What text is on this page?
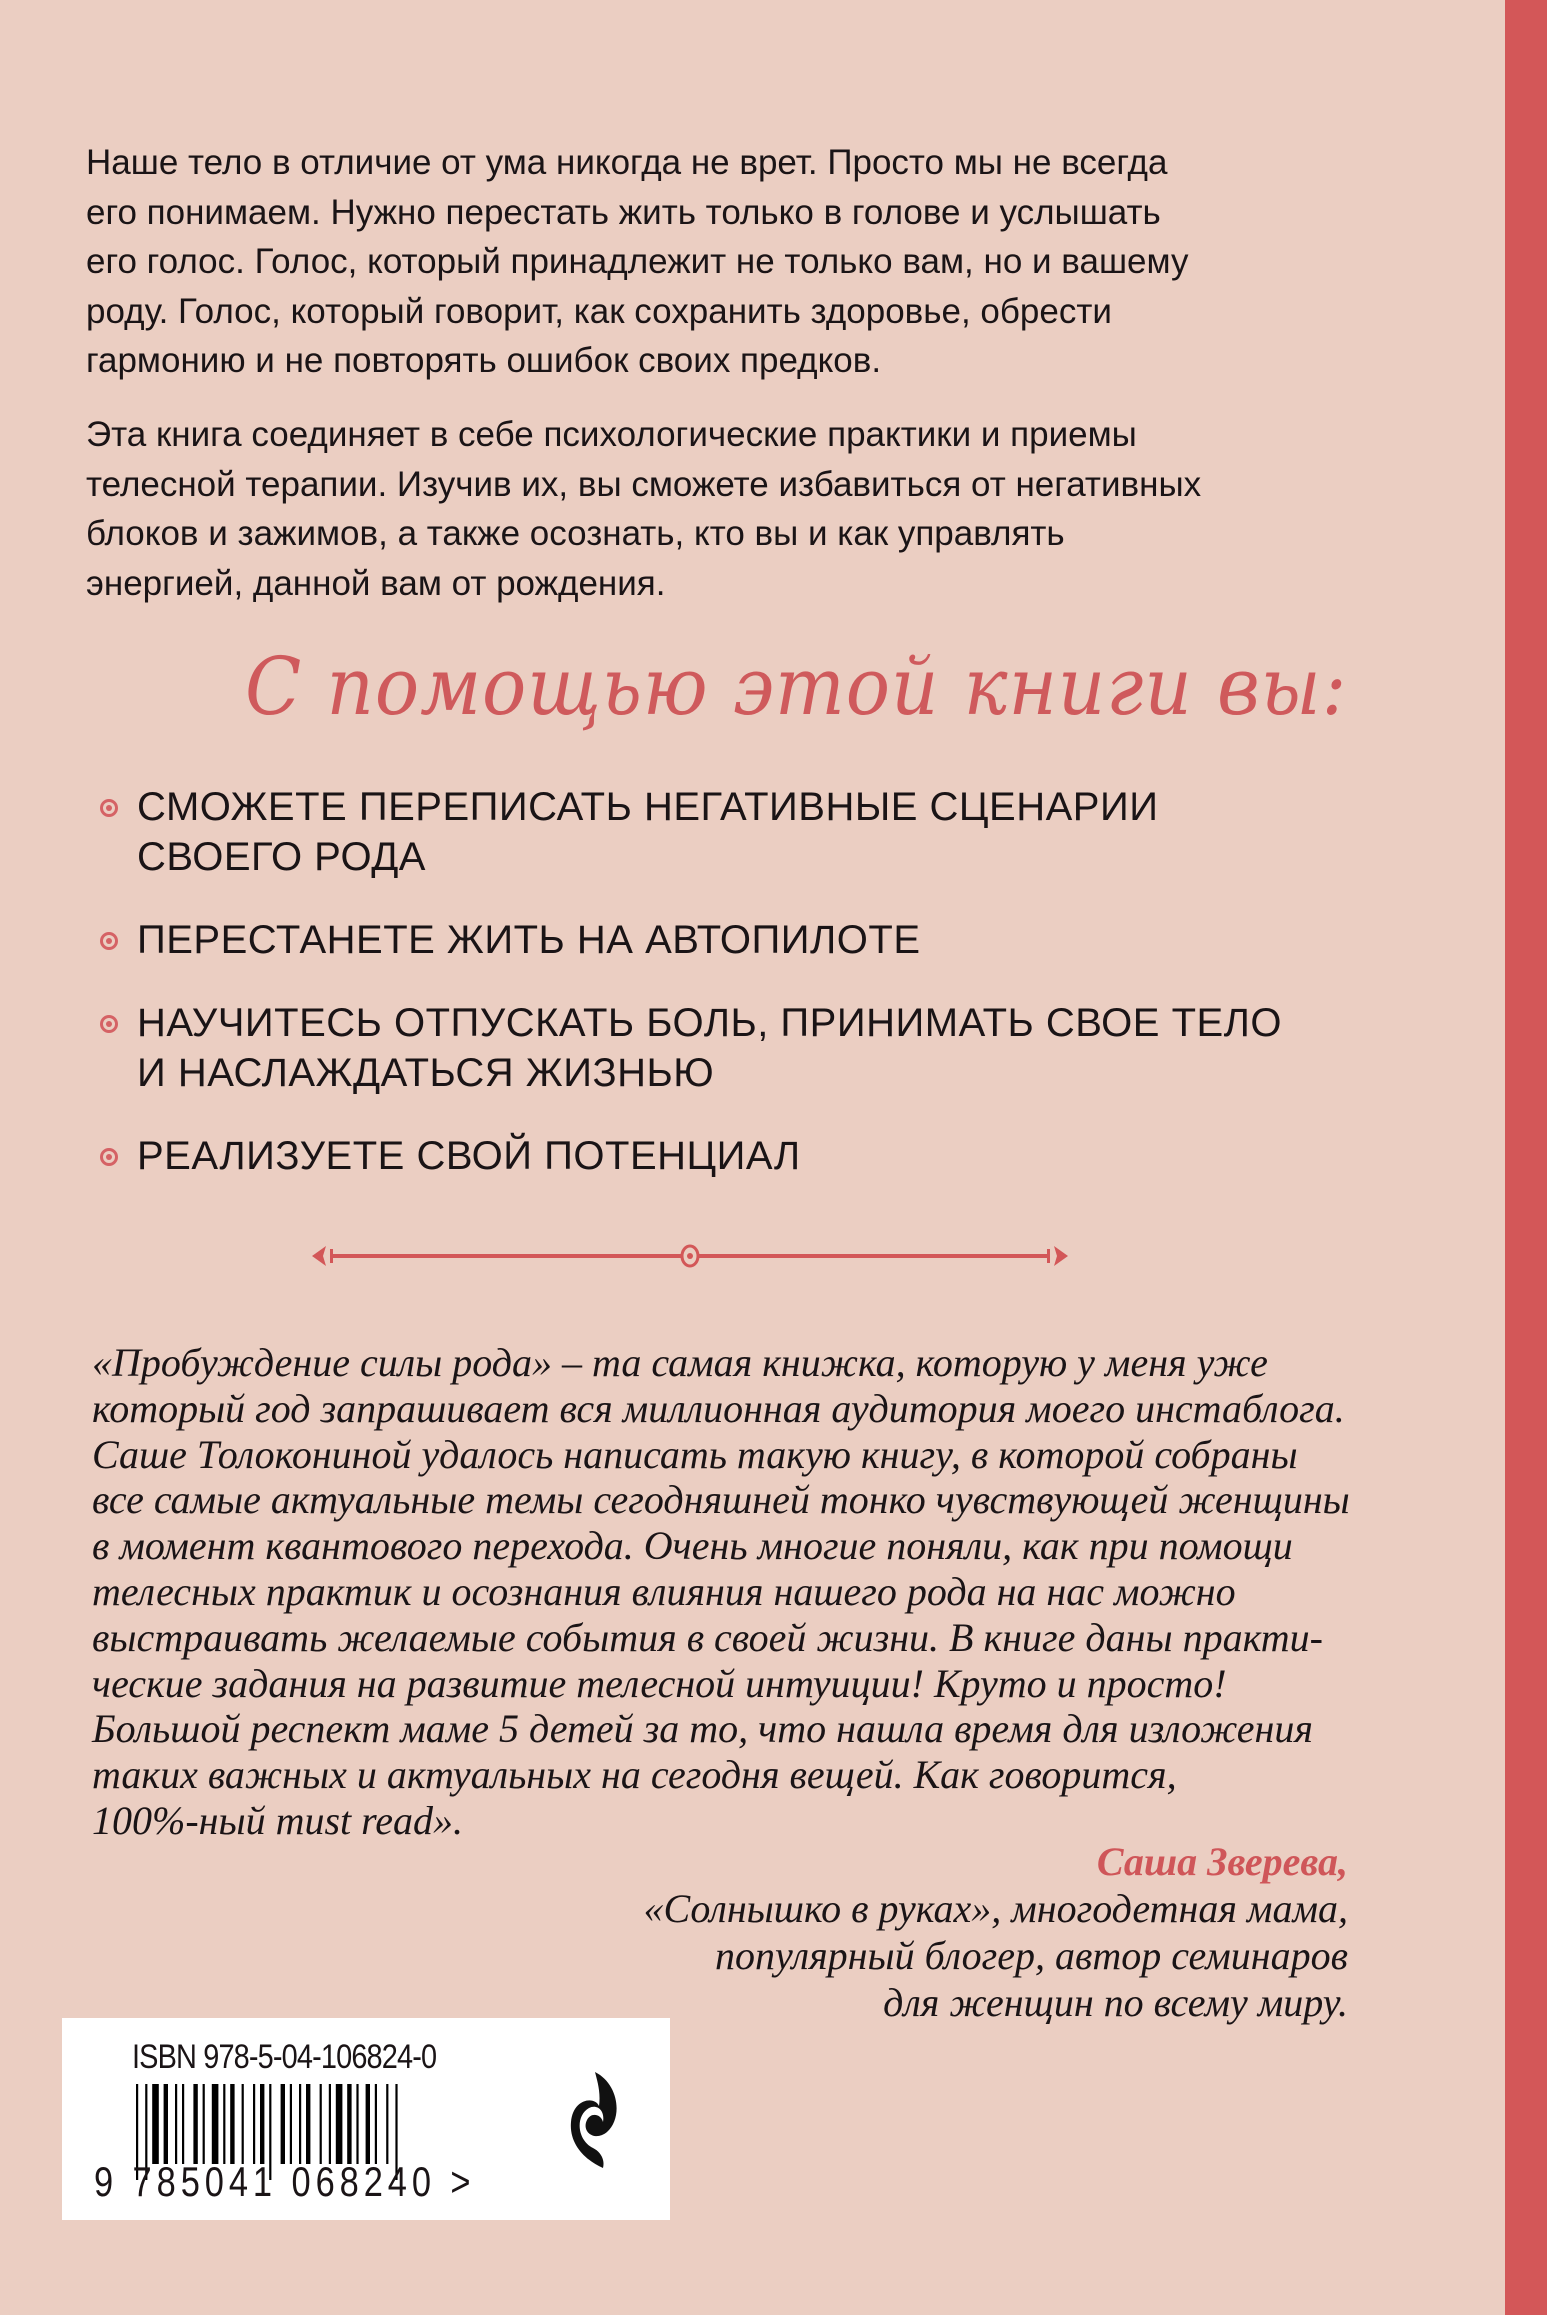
Наше тело в отличие от ума никогда не врет. Просто мы не всегда
его понимаем. Нужно перестать жить только в голове и услышать
его голос. Голос, который принадлежит не только вам, но и вашему
роду. Голос, который говорит, как сохранить здоровье, обрести
гармонию и не повторять ошибок своих предков.
Эта книга соединяет в себе психологические практики и приемы
телесной терапии. Изучив их, вы сможете избавиться от негативных
блоков и зажимов, а также осознать, кто вы и как управлять
энергией, данной вам от рождения.
С помощью этой книги вы:
СМОЖЕТЕ ПЕРЕПИСАТЬ НЕГАТИВНЫЕ СЦЕНАРИИ
СВОЕГО РОДА
ПЕРЕСТАНЕТЕ ЖИТЬ НА АВТОПИЛОТЕ
НАУЧИТЕСЬ ОТПУСКАТЬ БОЛЬ, ПРИНИМАТЬ СВОЕ ТЕЛО
И НАСЛАЖДАТЬСЯ ЖИЗНЬЮ
РЕАЛИЗУЕТЕ СВОЙ ПОТЕНЦИАЛ
«Пробуждение силы рода» – та самая книжка, которую у меня уже
который год запрашивает вся миллионная аудитория моего инстаблога.
Саше Толокониной удалось написать такую книгу, в которой собраны
все самые актуальные темы сегодняшней тонко чувствующей женщины
в момент квантового перехода. Очень многие поняли, как при помощи
телесных практик и осознания влияния нашего рода на нас можно
выстраивать желаемые события в своей жизни. В книге даны практи-
ческие задания на развитие телесной интуиции! Круто и просто!
Большой респект маме 5 детей за то, что нашла время для изложения
таких важных и актуальных на сегодня вещей. Как говорится,
100%-ный must read».
Саша Зверева,
«Солнышко в руках», многодетная мама,
популярный блогер, автор семинаров
для женщин по всему миру.
ISBN 978-5-04-106824-0
9 785041 068240 >
